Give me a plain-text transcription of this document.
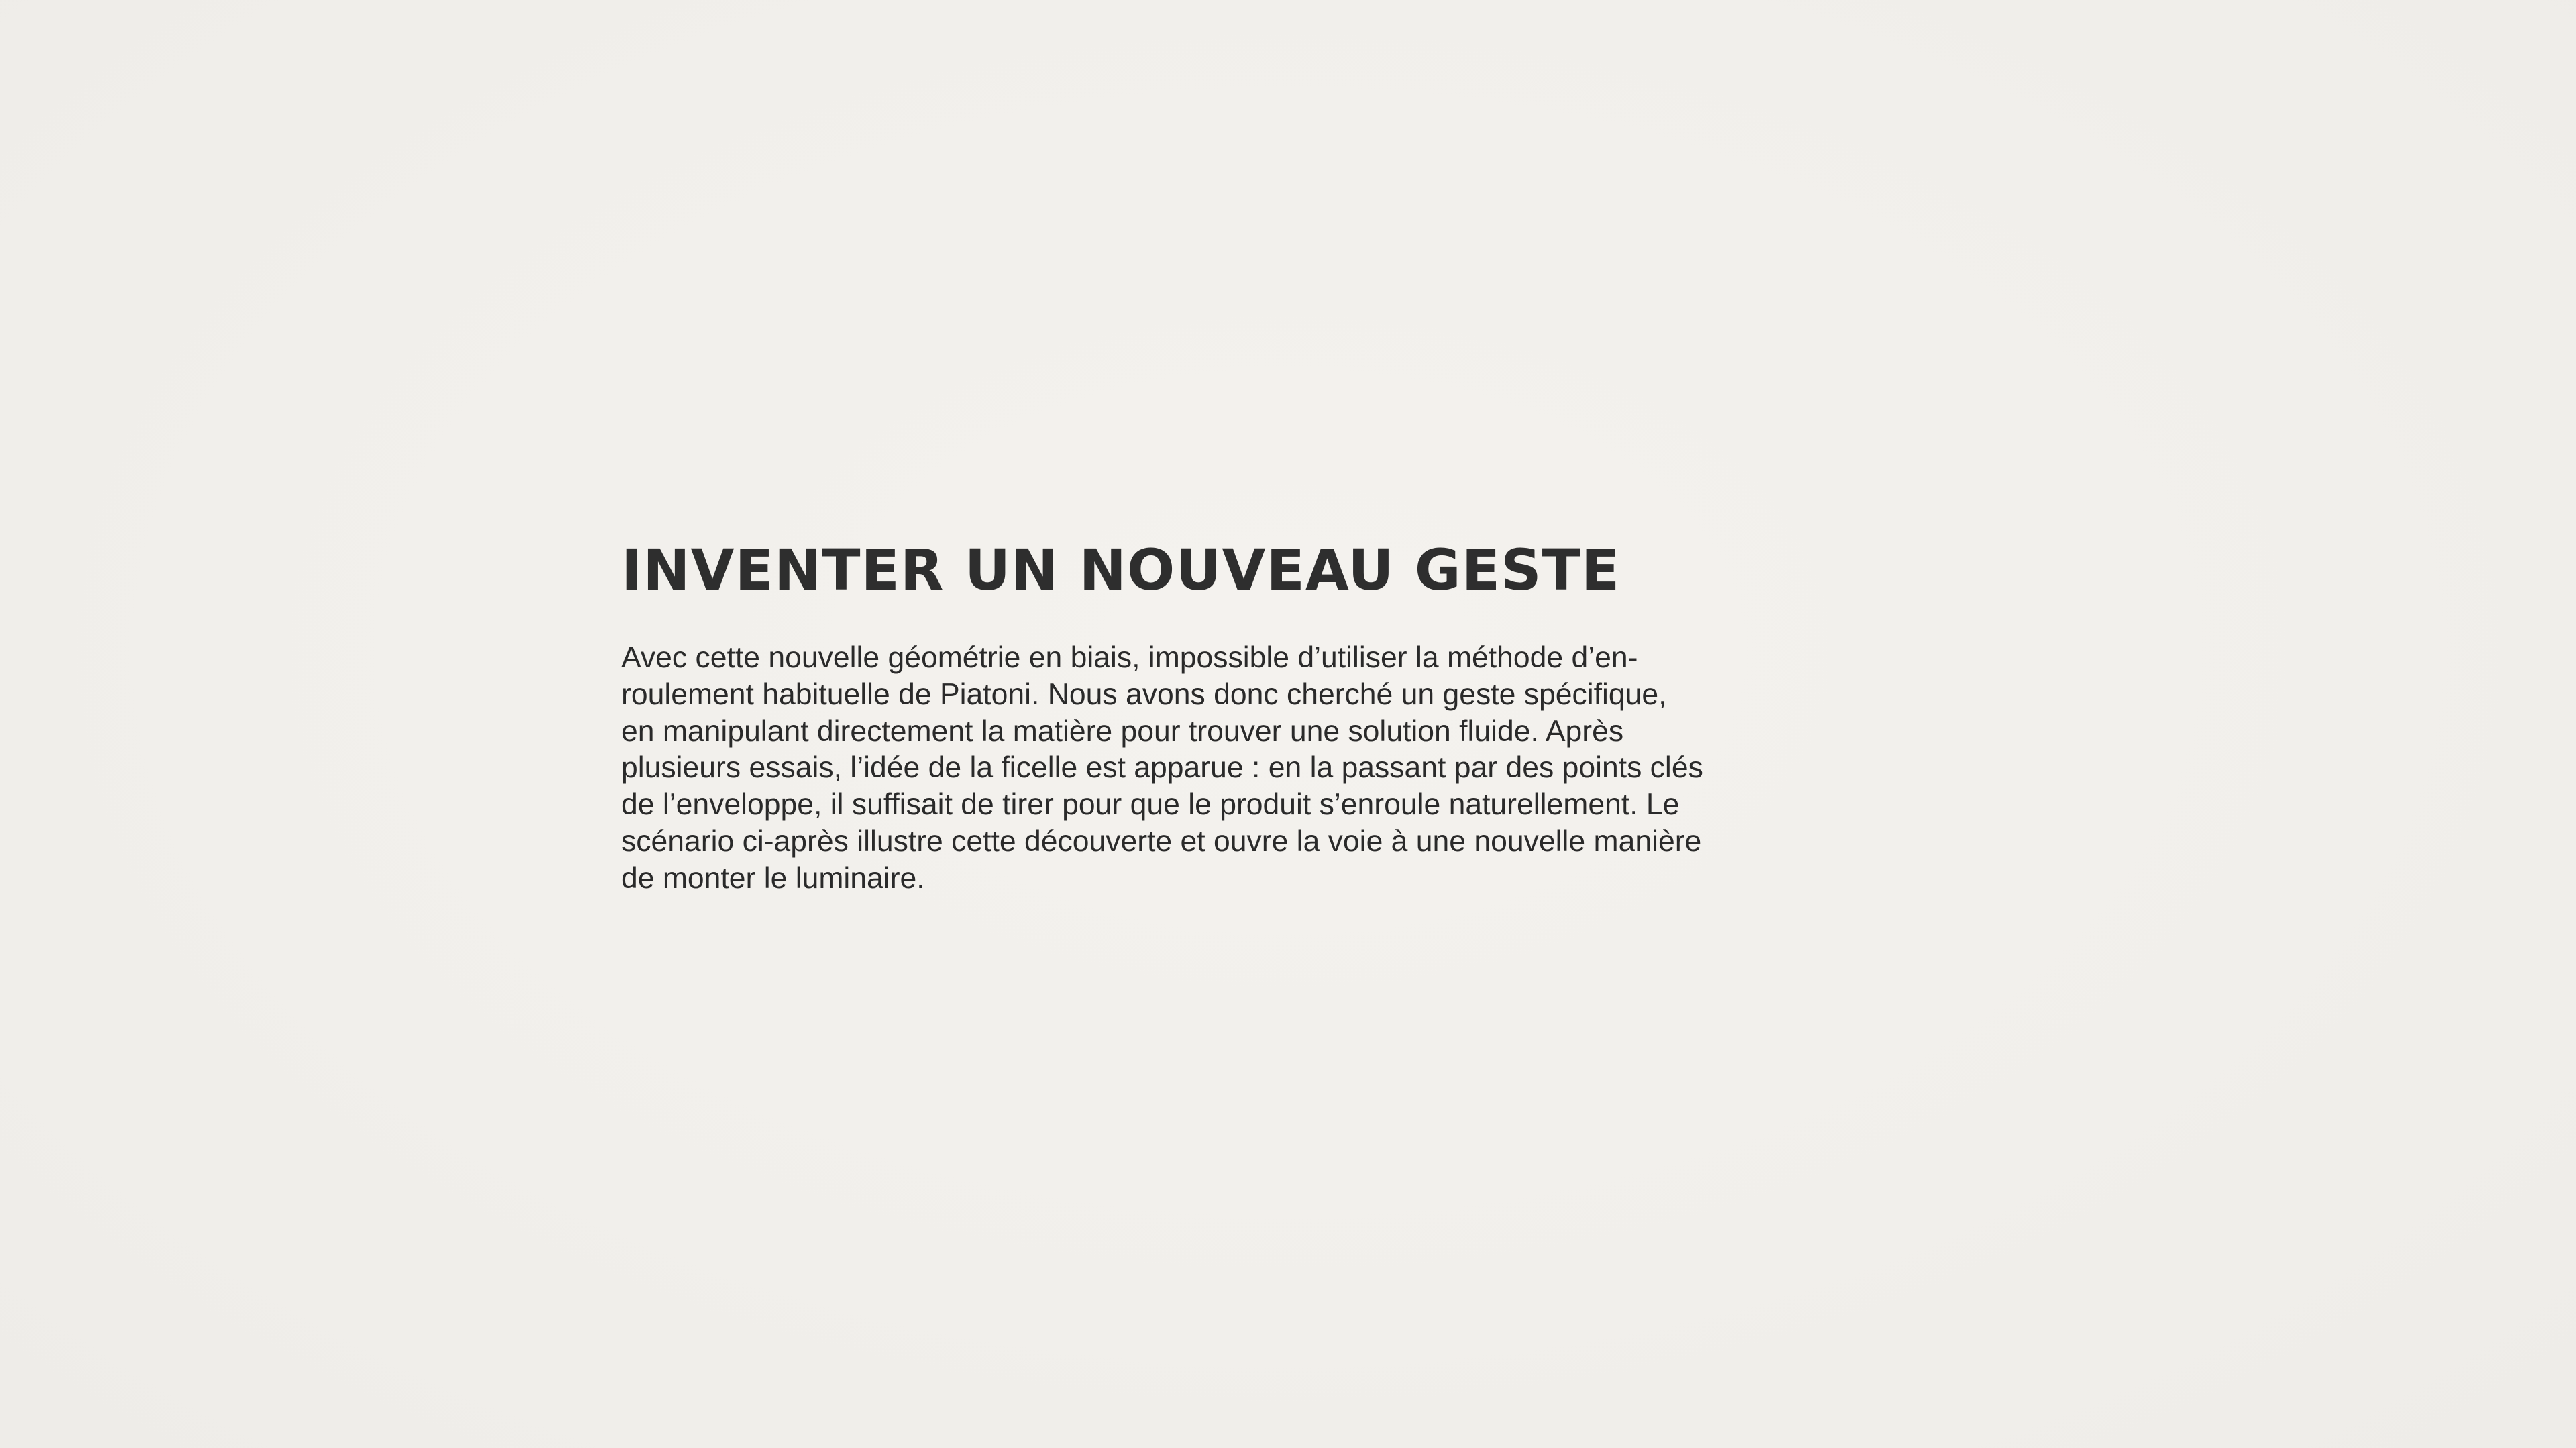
INVENTER UN NOUVEAU GESTE
Avec cette nouvelle géométrie en biais, impossible d’utiliser la méthode d’en-
roulement habituelle de Piatoni. Nous avons donc cherché un geste spécifique,
en manipulant directement la matière pour trouver une solution fluide. Après
plusieurs essais, l’idée de la ficelle est apparue : en la passant par des points clés
de l’enveloppe, il suffisait de tirer pour que le produit s’enroule naturellement. Le
scénario ci-après illustre cette découverte et ouvre la voie à une nouvelle manière
de monter le luminaire.
